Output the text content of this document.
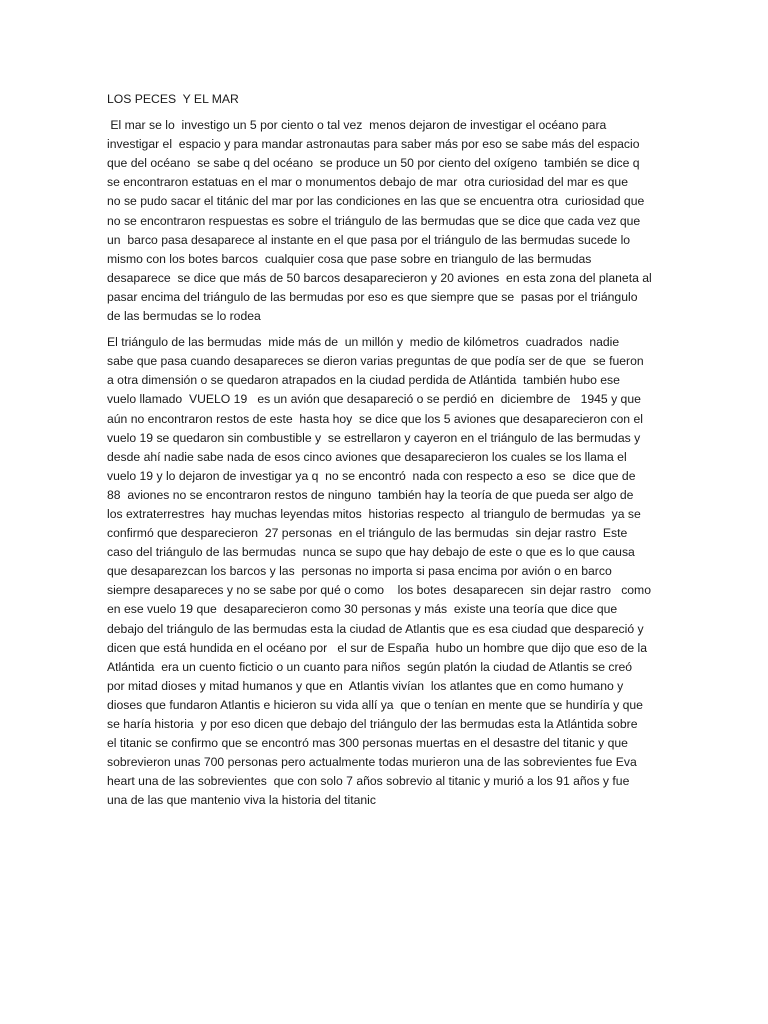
LOS PECES  Y EL MAR
El mar se lo  investigo un 5 por ciento o tal vez  menos dejaron de investigar el océano para
investigar el  espacio y para mandar astronautas para saber más por eso se sabe más del espacio
que del océano  se sabe q del océano  se produce un 50 por ciento del oxígeno  también se dice q
se encontraron estatuas en el mar o monumentos debajo de mar  otra curiosidad del mar es que
no se pudo sacar el titánic del mar por las condiciones en las que se encuentra otra  curiosidad que
no se encontraron respuestas es sobre el triángulo de las bermudas que se dice que cada vez que
un  barco pasa desaparece al instante en el que pasa por el triángulo de las bermudas sucede lo
mismo con los botes barcos  cualquier cosa que pase sobre en triangulo de las bermudas
desaparece  se dice que más de 50 barcos desaparecieron y 20 aviones  en esta zona del planeta al
pasar encima del triángulo de las bermudas por eso es que siempre que se  pasas por el triángulo
de las bermudas se lo rodea
El triángulo de las bermudas  mide más de  un millón y  medio de kilómetros  cuadrados  nadie
sabe que pasa cuando desapareces se dieron varias preguntas de que podía ser de que  se fueron
a otra dimensión o se quedaron atrapados en la ciudad perdida de Atlántida  también hubo ese
vuelo llamado  VUELO 19   es un avión que desapareció o se perdió en  diciembre de   1945 y que
aún no encontraron restos de este  hasta hoy  se dice que los 5 aviones que desaparecieron con el
vuelo 19 se quedaron sin combustible y  se estrellaron y cayeron en el triángulo de las bermudas y
desde ahí nadie sabe nada de esos cinco aviones que desaparecieron los cuales se los llama el
vuelo 19 y lo dejaron de investigar ya q  no se encontró  nada con respecto a eso  se  dice que de
88  aviones no se encontraron restos de ninguno  también hay la teoría de que pueda ser algo de
los extraterrestres  hay muchas leyendas mitos  historias respecto  al triangulo de bermudas  ya se
confirmó que desparecieron  27 personas  en el triángulo de las bermudas  sin dejar rastro  Este
caso del triángulo de las bermudas  nunca se supo que hay debajo de este o que es lo que causa
que desaparezcan los barcos y las  personas no importa si pasa encima por avión o en barco
siempre desapareces y no se sabe por qué o como    los botes  desaparecen  sin dejar rastro   como
en ese vuelo 19 que  desaparecieron como 30 personas y más  existe una teoría que dice que
debajo del triángulo de las bermudas esta la ciudad de Atlantis que es esa ciudad que despareció y
dicen que está hundida en el océano por   el sur de España  hubo un hombre que dijo que eso de la
Atlántida  era un cuento ficticio o un cuanto para niños  según platón la ciudad de Atlantis se creó
por mitad dioses y mitad humanos y que en  Atlantis vivían  los atlantes que en como humano y
dioses que fundaron Atlantis e hicieron su vida allí ya  que o tenían en mente que se hundiría y que
se haría historia  y por eso dicen que debajo del triángulo der las bermudas esta la Atlántida sobre
el titanic se confirmo que se encontró mas 300 personas muertas en el desastre del titanic y que
sobrevieron unas 700 personas pero actualmente todas murieron una de las sobrevientes fue Eva
heart una de las sobrevientes  que con solo 7 años sobrevio al titanic y murió a los 91 años y fue
una de las que mantenio viva la historia del titanic
